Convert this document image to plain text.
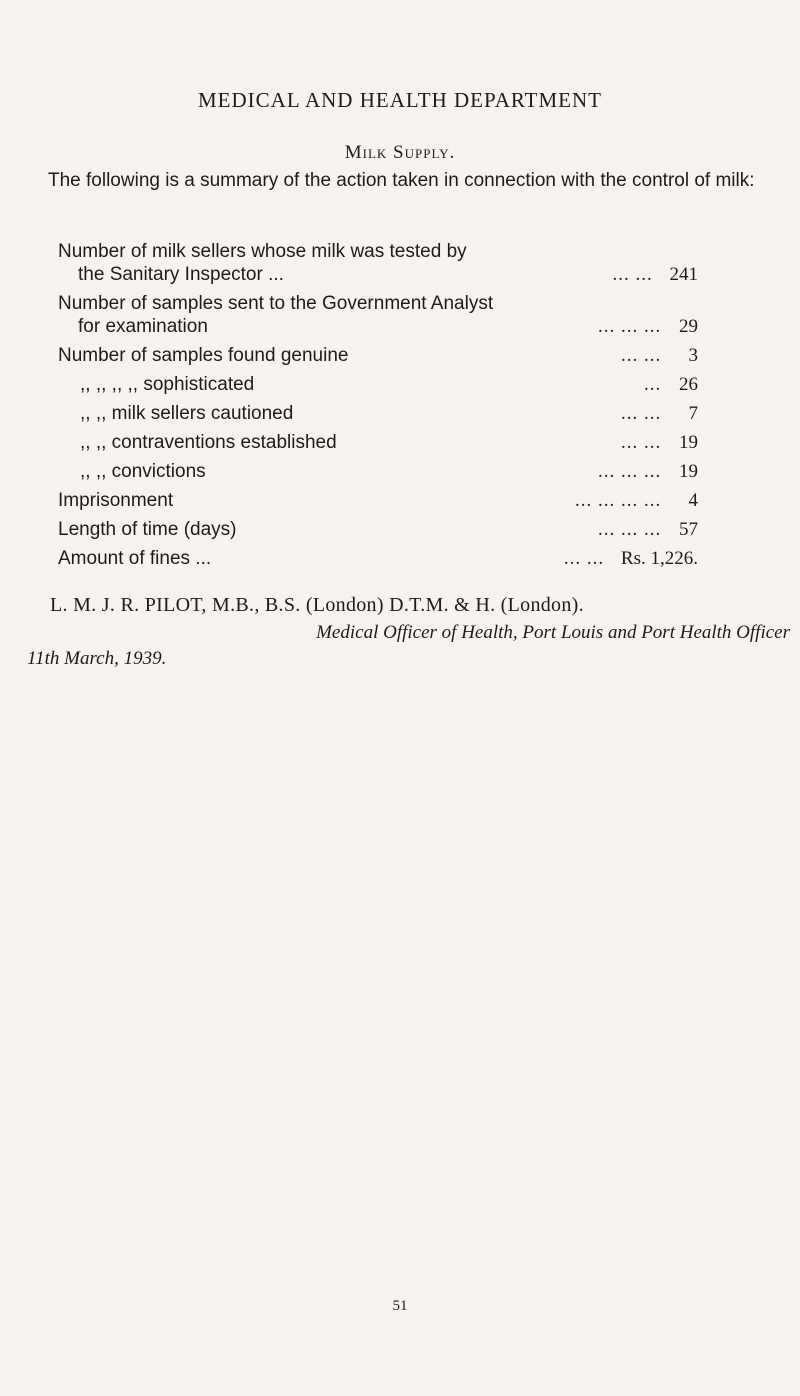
MEDICAL AND HEALTH DEPARTMENT
Milk Supply.
The following is a summary of the action taken in connection with the control of milk:
Number of milk sellers whose milk was tested by
the Sanitary Inspector ...	... ... 241
Number of samples sent to the Government Analyst
for examination	... ... ... 29
Number of samples found genuine	... ... 3
,, ,, ,, ,, sophisticated	... 26
,, ,, milk sellers cautioned	... ... 7
,, ,, contraventions established	... ... 19
,, ,, convictions	... ... ... 19
Imprisonment	... ... ... ... 4
Length of time (days)	... ... ... 57
Amount of fines ...	... ... Rs. 1,226.
L. M. J. R. PILOT, M.B., B.S. (London) D.T.M. & H. (London).
Medical Officer of Health, Port Louis and Port Health Officer
11th March, 1939.
51
